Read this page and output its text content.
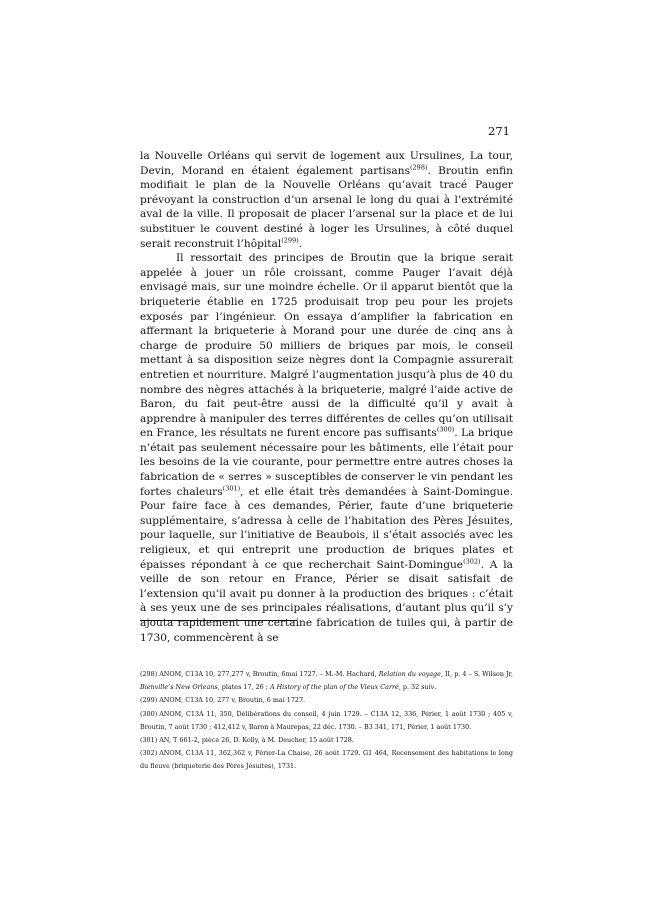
271

la Nouvelle Orléans qui servit de logement aux Ursulines, La tour, Devin, Morand en étaient également partisans$^{(298)}$. Broutin enfin modifiait le plan de la Nouvelle Orléans qu’avait tracé Pauger prévoyant la construction d’un arsenal le long du quai à l’extrémité aval de la ville. Il proposait de placer l’arsenal sur la place et de lui substituer le couvent destiné à loger les Ursulines, à côté duquel serait reconstruit l’hôpital$^{(299)}$.

Il ressortait des principes de Broutin que la brique serait appelée à jouer un rôle croissant, comme Pauger l’avait déjà envisagé mais, sur une moindre échelle. Or il apparut bientôt que la briqueterie établie en 1725 produisait trop peu pour les projets exposés par l’ingénieur. On essaya d’amplifier la fabrication en affermant la briqueterie à Morand pour une durée de cinq ans à charge de produire 50 milliers de briques par mois, le conseil mettant à sa disposition seize nègres dont la Compagnie assurerait entretien et nourriture. Malgré l’augmentation jusqu’à plus de 40 du nombre des nègres attachés à la briqueterie, malgré l’aide active de Baron, du fait peut-être aussi de la difficulté qu’il y avait à apprendre à manipuler des terres différentes de celles qu’on utilisait en France, les résultats ne furent encore pas suffisants$^{(300)}$. La brique n’était pas seulement nécessaire pour les bâtiments, elle l’était pour les besoins de la vie courante, pour permettre entre autres choses la fabrication de « serres » susceptibles de conserver le vin pendant les fortes chaleurs$^{(301)}$, et elle était très demandées à Saint-Domingue. Pour faire face à ces demandes, Périer, faute d’une briqueterie supplémentaire, s’adressa à celle de l’habitation des Pères Jésuites, pour laquelle, sur l’initiative de Beaubois, il s’était associés avec les religieux, et qui entreprit une production de briques plates et épaisses répondant à ce que recherchait Saint-Domingue$^{(302)}$. A la veille de son retour en France, Périer se disait satisfait de l’extension qu’il avait pu donner à la production des briques : c’était à ses yeux une de ses principales réalisations, d’autant plus qu’il s’y ajouta rapidement une certaine fabrication de tuiles qui, à partir de 1730, commencèrent à se

(298) ANOM, C13A 10, 277,277 v, Broutin, 6mai 1727. – M.-M. Hachard, Relation du voyage, II, p. 4 – S. Wilson Jr, Bienville’s New Orleans, plates 17, 26 ; A History of the plan of the Vieux Carré, p. 32 suiv.

(299) ANOM, C13A 10, 277 v, Broutin, 6 mai 1727.

(300) ANOM, C13A 11, 350, Délibérations du conseil, 4 juin 1729. – C13A 12, 336, Périer, 1 août 1730 ; 405 v, Broutin, 7 août 1730 ; 412,412 v, Baron à Maurepas, 22 déc. 1730. – B3 341, 171, Périer, 1 août 1730.

(301) AN, T 661-2, pièce 26, D. Kolly, à M. Deucher, 15 août 1728.

(302) ANOM, C13A 11, 362,362 v, Périer-La Chaise, 26 août 1729. G1 464, Recensement des habitations le long du fleuve (briqueterie des Pères Jésuites), 1731.
